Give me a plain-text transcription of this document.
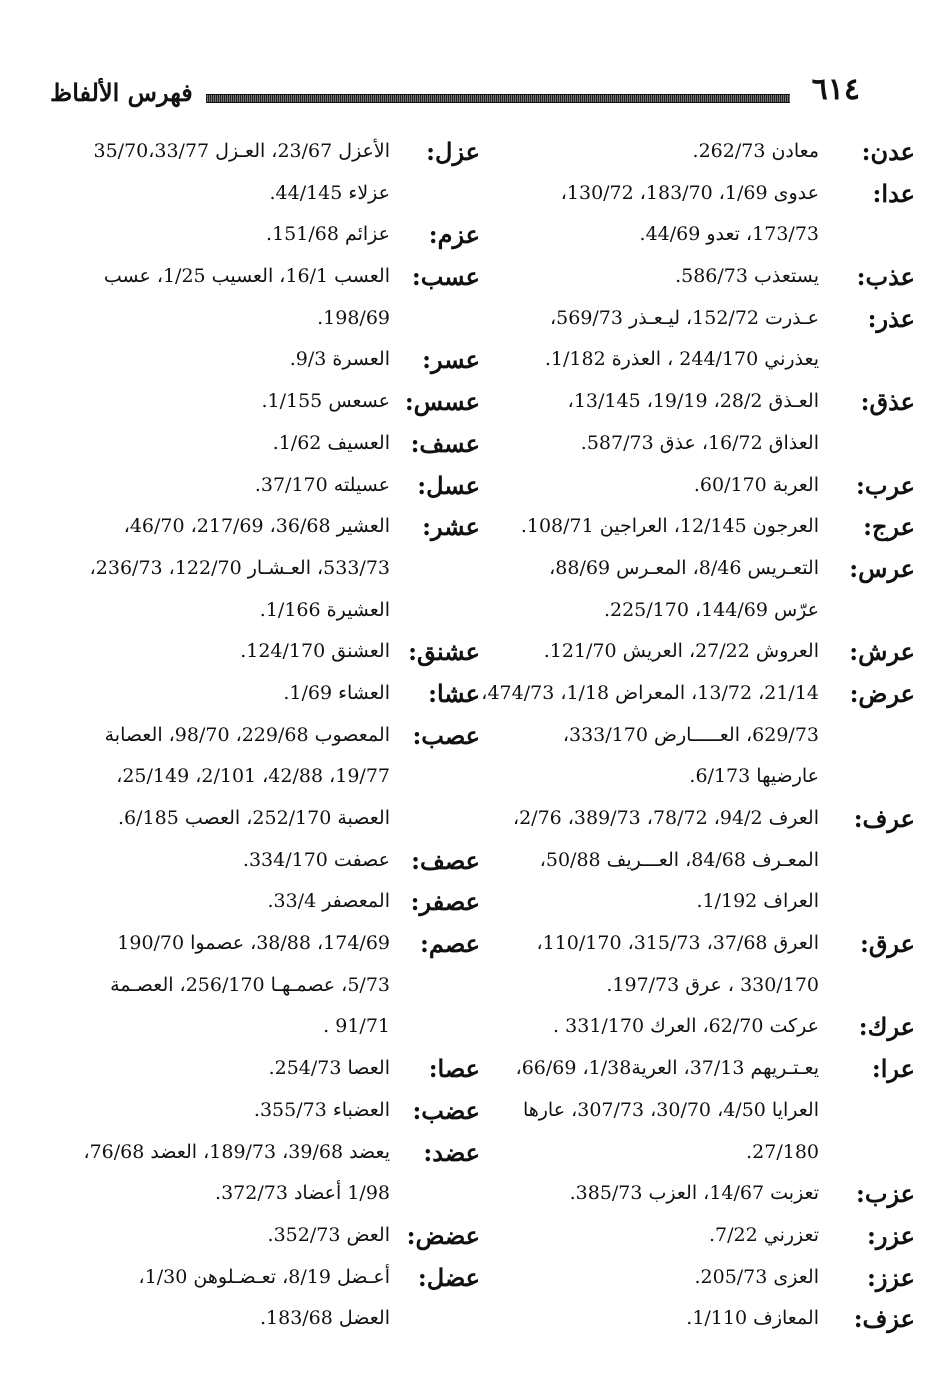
فهرس الألفاظ	٦١٤
عدن:
معادن 262/73.
عدا:
عدوى 1/69، 183/70، 130/72،
173/73، تعدو 44/69.
عذب:
يستعذب 586/73.
عذر:
عـذرت 152/72، ليـعـذر 569/73،
يعذرني 244/170 ، العذرة 1/182.
عذق:
العـذق 28/2، 19/19، 13/145،
العذاق 16/72، عذق 587/73.
عرب:
العربة 60/170.
عرج:
العرجون 12/145، العراجين 108/71.
عرس:
التعـريس 8/46، المعـرس 88/69،
عرّس 144/69، 225/170.
عرش:
العروش 27/22، العريش 121/70.
عرض:
21/14، 13/72، المعراض 1/18، 474/73،
629/73، العـــــارض 333/170،
عارضيها 6/173.
عرف:
العرف 94/2، 78/72، 389/73، 2/76،
المعـرف 84/68، العـــريف 50/88،
العراف 1/192.
عرق:
العرق 37/68، 315/73، 110/170،
330/170 ، عرق 197/73.
عرك:
عركت 62/70، العرك 331/170 .
عرا:
يعـتـريهم 37/13، العرية1/38، 66/69،
العرايا 4/50، 30/70، 307/73، عارها
27/180.
عزب:
تعزبت 14/67، العزب 385/73.
عزر:
تعزرني 7/22.
عزز:
العزى 205/73.
عزف:
المعازف 1/110.
عزل:
الأعزل 23/67، العـزل 35/70،33/77
عزلاء 44/145.
عزم:
عزائم 151/68.
عسب:
العسب 16/1، العسيب 1/25، عسب
198/69.
عسر:
العسرة 9/3.
عسس:
عسعس 1/155.
عسف:
العسيف 1/62.
عسل:
عسيلته 37/170.
عشر:
العشير 36/68، 217/69، 46/70،
533/73، العـشـار 122/70، 236/73،
العشيرة 1/166.
عشنق:
العشنق 124/170.
عشا:
العشاء 1/69.
عصب:
المعصوب 229/68، 98/70، العصابة
19/77، 42/88، 2/101، 25/149،
العصبة 252/170، العصب 6/185.
عصف:
عصفت 334/170.
عصفر:
المعصفر 33/4.
عصم:
174/69، 38/88، عصموا 190/70
5/73، عصمـهـا 256/170، العصـمة
91/71 .
عصا:
العصا 254/73.
عضب:
العضباء 355/73.
عضد:
يعضد 39/68، 189/73، العضد 76/68،
1/98 أعضاد 372/73.
عضض:
العض 352/73.
عضل:
أعـضل 8/19، تعـضـلوهن 1/30،
العضل 183/68.
